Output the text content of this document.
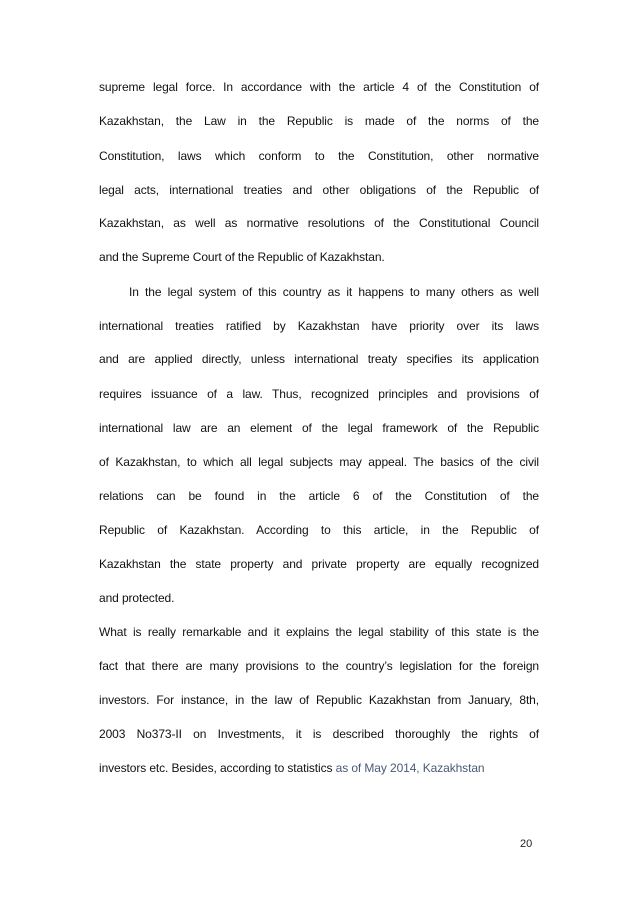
supreme legal force. In accordance with the article 4 of the Constitution of
Kazakhstan, the Law in the Republic is made of the norms of the
Constitution, laws which conform to the Constitution, other normative
legal acts, international treaties and other obligations of the Republic of
Kazakhstan, as well as normative resolutions of the Constitutional Council
and the Supreme Court of the Republic of Kazakhstan.
In the legal system of this country as it happens to many others as well
international treaties ratified by Kazakhstan have priority over its laws
and are applied directly, unless international treaty specifies its application
requires issuance of a law. Thus, recognized principles and provisions of
international law are an element of the legal framework of the Republic
of Kazakhstan, to which all legal subjects may appeal. The basics of the civil
relations can be found in the article 6 of the Constitution of the
Republic of Kazakhstan. According to this article, in the Republic of
Kazakhstan the state property and private property are equally recognized
and protected.
What is really remarkable and it explains the legal stability of this state is the
fact that there are many provisions to the country’s legislation for the foreign
investors. For instance, in the law of Republic Kazakhstan from January, 8th,
2003 No373-II on Investments, it is described thoroughly the rights of
investors etc. Besides, according to statistics as of May 2014, Kazakhstan
20
